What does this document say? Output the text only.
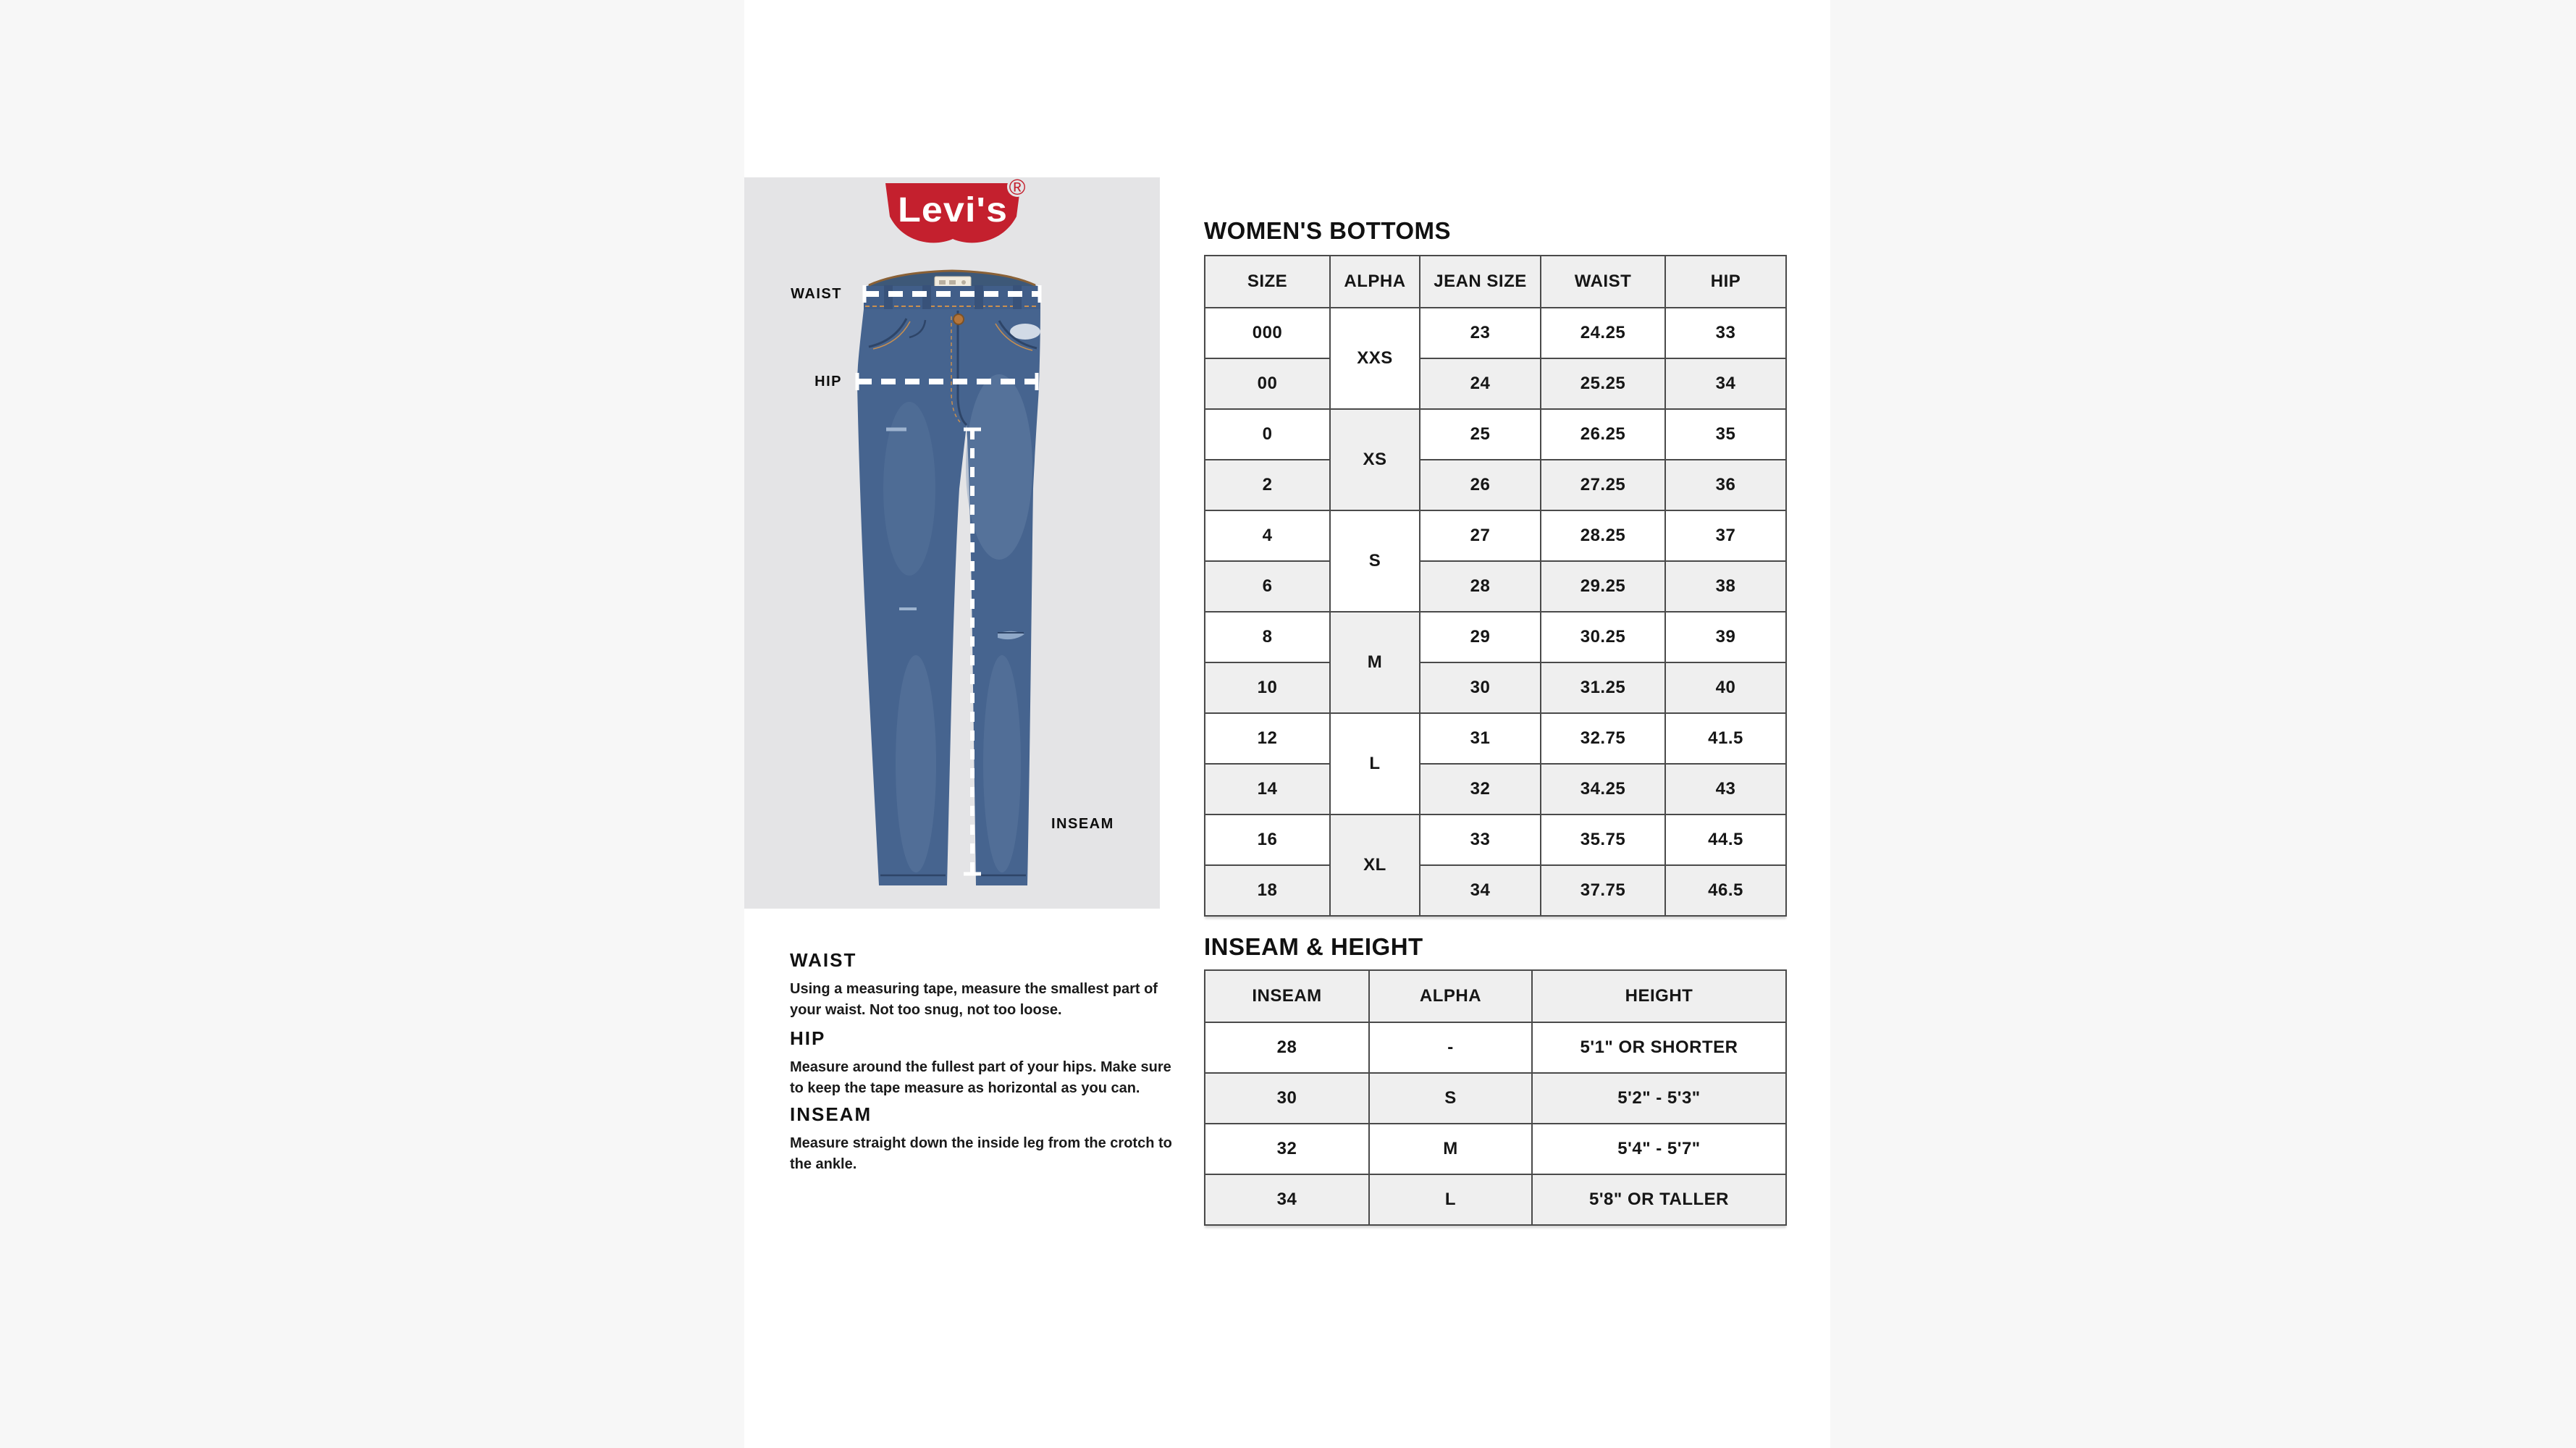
Levi's
®
WAIST
HIP
INSEAM
WOMEN'S BOTTOMS
SIZE	ALPHA	JEAN SIZE	WAIST	HIP
000	XXS	23	24.25	33
00		24	25.25	34
0	XS	25	26.25	35
2		26	27.25	36
4	S	27	28.25	37
6		28	29.25	38
8	M	29	30.25	39
10		30	31.25	40
12	L	31	32.75	41.5
14		32	34.25	43
16	XL	33	35.75	44.5
18		34	37.75	46.5
INSEAM & HEIGHT
INSEAM	ALPHA	HEIGHT
28	-	5'1" OR SHORTER
30	S	5'2" - 5'3"
32	M	5'4" - 5'7"
34	L	5'8" OR TALLER
WAIST

Using a measuring tape, measure the smallest part of your waist. Not too snug, not too loose.

HIP

Measure around the fullest part of your hips. Make sure to keep the tape measure as horizontal as you can.

INSEAM

Measure straight down the inside leg from the crotch to the ankle.
